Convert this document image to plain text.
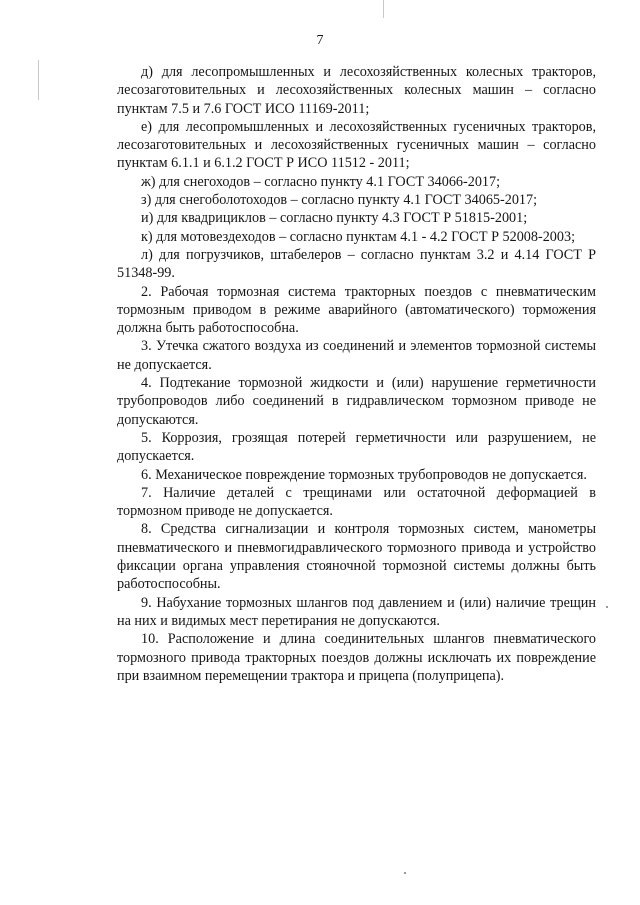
7

д) для лесопромышленных и лесохозяйственных колесных тракторов, лесозаготовительных и лесохозяйственных колесных машин – согласно пунктам 7.5 и 7.6 ГОСТ ИСО 11169-2011;

е) для лесопромышленных и лесохозяйственных гусеничных тракторов, лесозаготовительных и лесохозяйственных гусеничных машин – согласно пунктам 6.1.1 и 6.1.2 ГОСТ Р ИСО 11512 - 2011;

ж) для снегоходов – согласно пункту 4.1 ГОСТ 34066-2017;

з) для снегоболотоходов – согласно пункту 4.1 ГОСТ 34065-2017;

и) для квадрициклов – согласно пункту 4.3 ГОСТ Р 51815-2001;

к) для мотовездеходов – согласно пунктам 4.1 - 4.2 ГОСТ Р 52008-2003;

л) для погрузчиков, штабелеров – согласно пунктам 3.2 и 4.14 ГОСТ Р 51348-99.

2. Рабочая тормозная система тракторных поездов с пневматическим тормозным приводом в режиме аварийного (автоматического) торможения должна быть работоспособна.

3. Утечка сжатого воздуха из соединений и элементов тормозной системы не допускается.

4. Подтекание тормозной жидкости и (или) нарушение герметичности трубопроводов либо соединений в гидравлическом тормозном приводе не допускаются.

5. Коррозия, грозящая потерей герметичности или разрушением, не допускается.

6. Механическое повреждение тормозных трубопроводов не допускается.

7. Наличие деталей с трещинами или остаточной деформацией в тормозном приводе не допускается.

8. Средства сигнализации и контроля тормозных систем, манометры пневматического и пневмогидравлического тормозного привода и устройство фиксации органа управления стояночной тормозной системы должны быть работоспособны.

9. Набухание тормозных шлангов под давлением и (или) наличие трещин на них и видимых мест перетирания не допускаются.

10. Расположение и длина соединительных шлангов пневматического тормозного привода тракторных поездов должны исключать их повреждение при взаимном перемещении трактора и прицепа (полуприцепа).
